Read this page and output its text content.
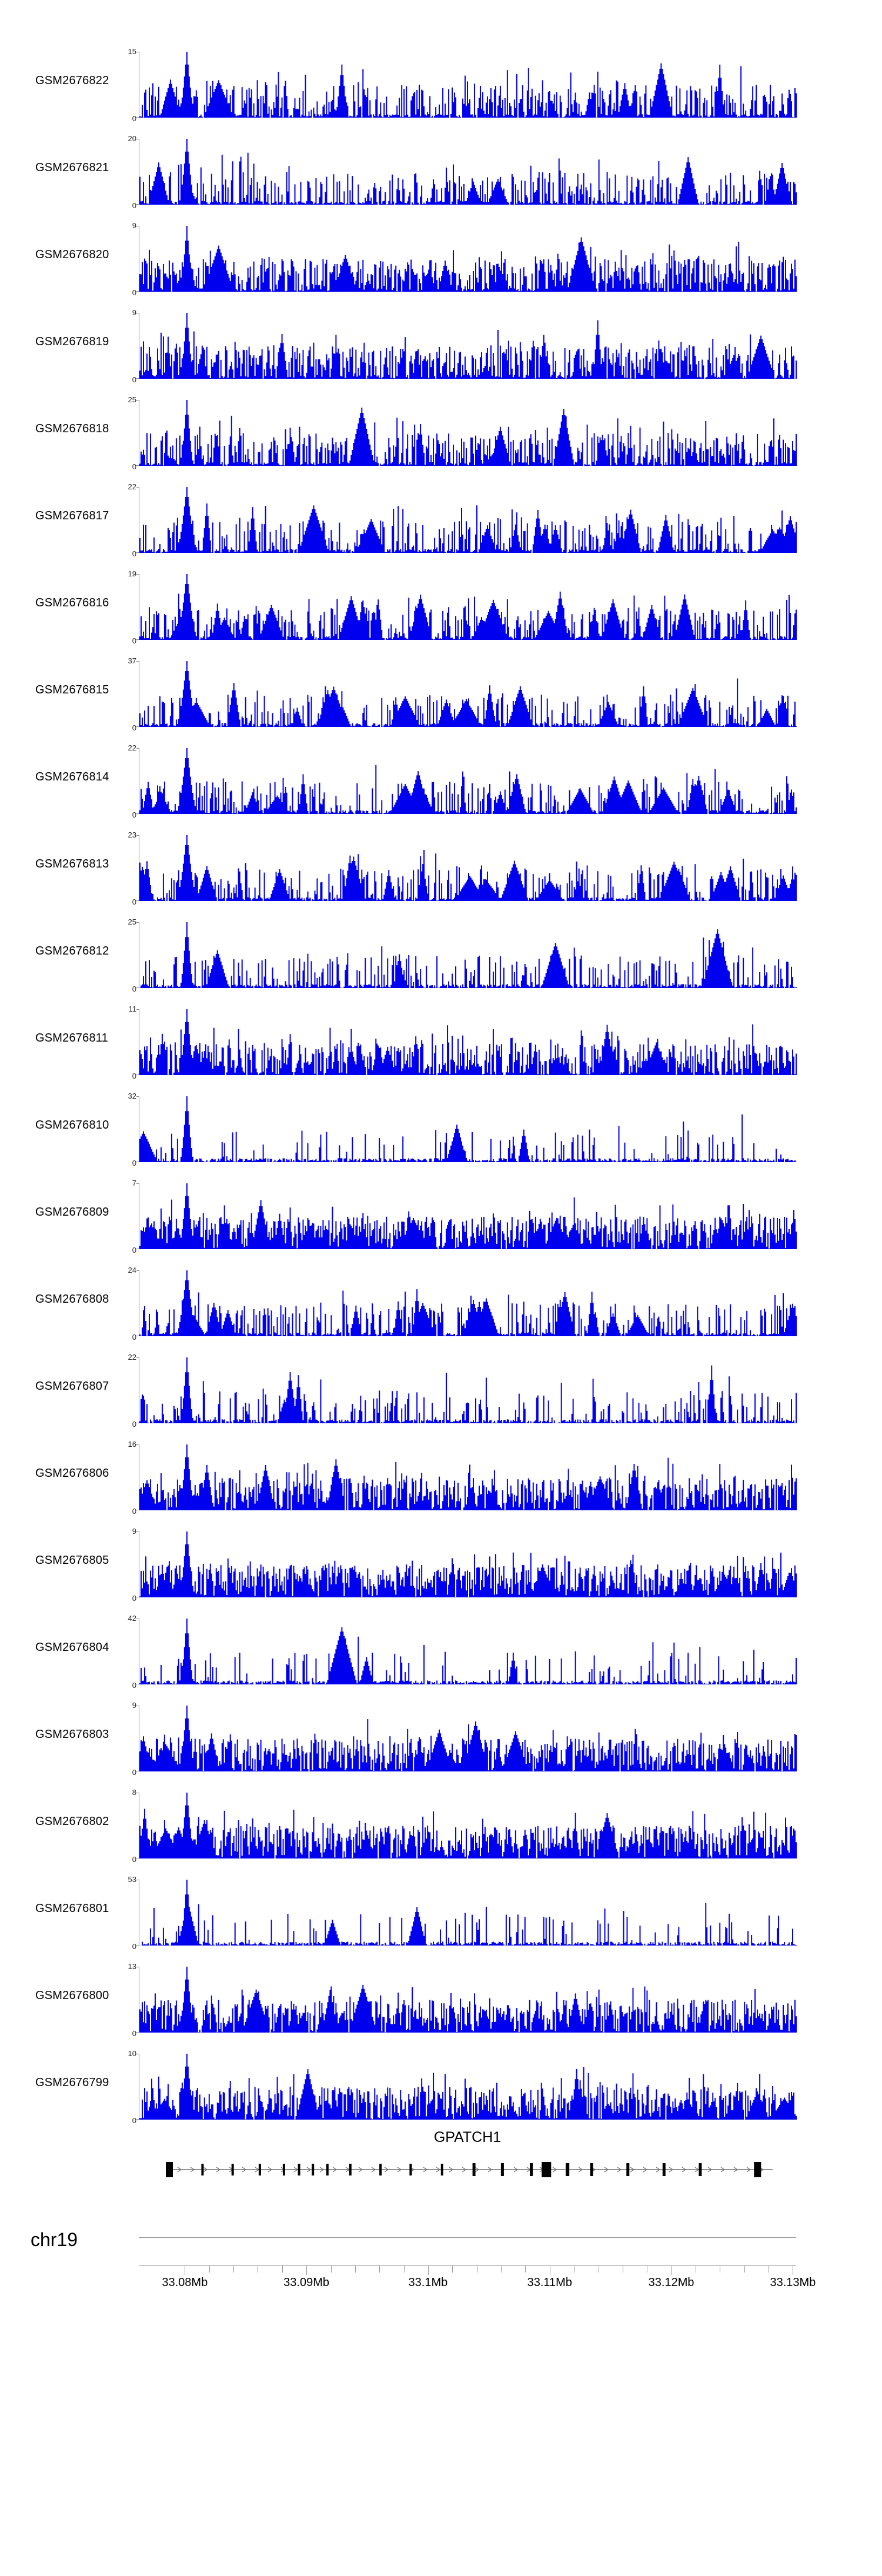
GSM2676822
15
0
GSM2676821
20
0
GSM2676820
9
0
GSM2676819
9
0
GSM2676818
25
0
GSM2676817
22
0
GSM2676816
19
0
GSM2676815
37
0
GSM2676814
22
0
GSM2676813
23
0
GSM2676812
25
0
GSM2676811
11
0
GSM2676810
32
0
GSM2676809
7
0
GSM2676808
24
0
GSM2676807
22
0
GSM2676806
16
0
GSM2676805
9
0
GSM2676804
42
0
GSM2676803
9
0
GSM2676802
8
0
GSM2676801
53
0
GSM2676800
13
0
GSM2676799
10
0
GPATCH1
chr19
33.08Mb	33.09Mb	33.1Mb	33.11Mb	33.12Mb	33.13Mb
